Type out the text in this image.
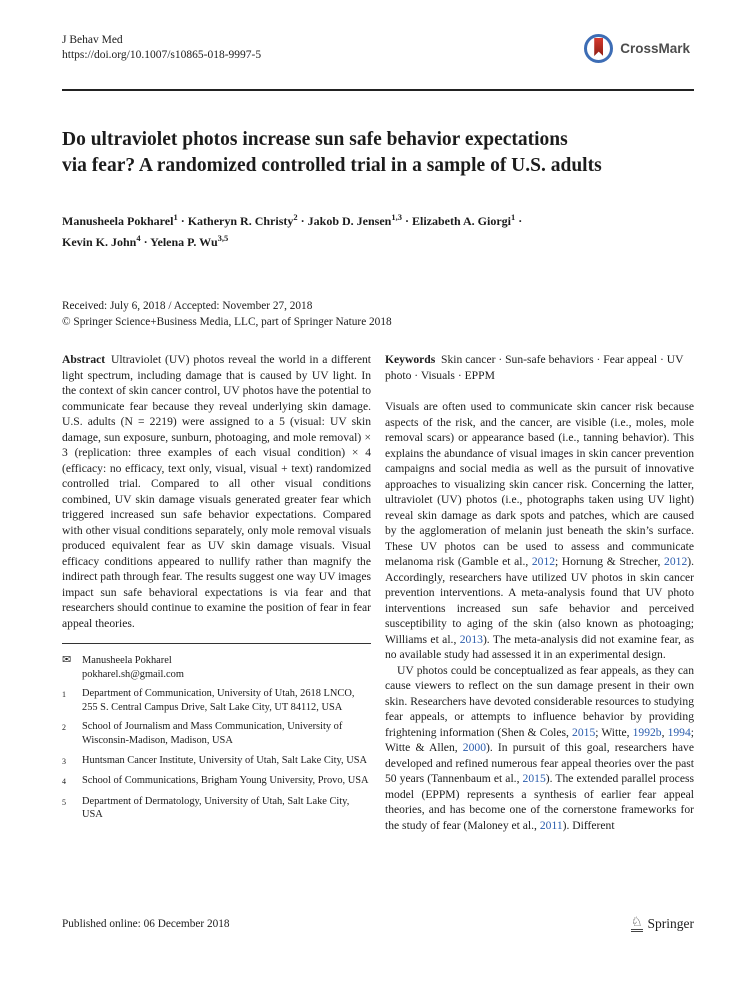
J Behav Med
https://doi.org/10.1007/s10865-018-9997-5	CrossMark
Do ultraviolet photos increase sun safe behavior expectations
via fear? A randomized controlled trial in a sample of U.S. adults
Manusheela Pokharel$^1$ · Katheryn R. Christy$^2$ · Jakob D. Jensen$^{1,3}$ · Elizabeth A. Giorgi$^1$ ·
Kevin K. John$^4$ · Yelena P. Wu$^{3,5}$
Received: July 6, 2018 / Accepted: November 27, 2018
© Springer Science+Business Media, LLC, part of Springer Nature 2018

Abstract  Ultraviolet (UV) photos reveal the world in a different light spectrum, including damage that is caused by UV light. In the context of skin cancer control, UV photos have the potential to communicate fear because they reveal underlying skin damage. U.S. adults (N = 2219) were assigned to a 5 (visual: UV skin damage, sun exposure, sunburn, photoaging, and mole removal) × 3 (replication: three examples of each visual condition) × 4 (efficacy: no efficacy, text only, visual, visual + text) randomized controlled trial. Compared to all other visual conditions combined, UV skin damage visuals generated greater fear which triggered increased sun safe behavior expectations. Compared with other visual conditions separately, only mole removal visuals produced equivalent fear as UV skin damage visuals. Visual efficacy conditions appeared to nullify rather than magnify the indirect path through fear. The results suggest one way UV images impact sun safe behavioral expectations is via fear and that researchers should continue to examine the position of fear in fear appeal theories.

✉	Manusheela Pokharel
pokharel.sh@gmail.com
1	Department of Communication, University of Utah, 2618 LNCO, 255 S. Central Campus Drive, Salt Lake City, UT 84112, USA
2	School of Journalism and Mass Communication, University of Wisconsin-Madison, Madison, USA
3	Huntsman Cancer Institute, University of Utah, Salt Lake City, USA
4	School of Communications, Brigham Young University, Provo, USA
5	Department of Dermatology, University of Utah, Salt Lake City, USA

Keywords  Skin cancer · Sun-safe behaviors · Fear appeal · UV photo · Visuals · EPPM

Visuals are often used to communicate skin cancer risk because aspects of the risk, and the cancer, are visible (i.e., moles, mole removal scars) or appearance based (i.e., tanning behavior). This explains the abundance of visual images in skin cancer prevention campaigns and social media as well as the pursuit of innovative approaches to visualizing skin cancer risk. Concerning the latter, ultraviolet (UV) photos (i.e., photographs taken using UV light) reveal skin damage as dark spots and patches, which are caused by the agglomeration of melanin just beneath the skin’s surface. These UV photos can be used to assess and communicate melanoma risk (Gamble et al., 2012; Hornung & Strecher, 2012). Accordingly, researchers have utilized UV photos in skin cancer prevention interventions. A meta-analysis found that UV photo interventions increased sun safe behavior and perceived susceptibility to aging of the skin (also known as photoaging; Williams et al., 2013). The meta-analysis did not examine fear, as no available study had assessed it in an experimental design.

UV photos could be conceptualized as fear appeals, as they can cause viewers to reflect on the sun damage present in their own skin. Researchers have devoted considerable resources to studying fear appeals, or attempts to influence behavior by providing frightening information (Shen & Coles, 2015; Witte, 1992b, 1994; Witte & Allen, 2000). In pursuit of this goal, researchers have developed and refined numerous fear appeal theories over the past 50 years (Tannenbaum et al., 2015). The extended parallel process model (EPPM) represents a synthesis of earlier fear appeal theories, and has become one of the cornerstone frameworks for the study of fear (Maloney et al., 2011). Different

Published online: 06 December 2018	♘ Springer
